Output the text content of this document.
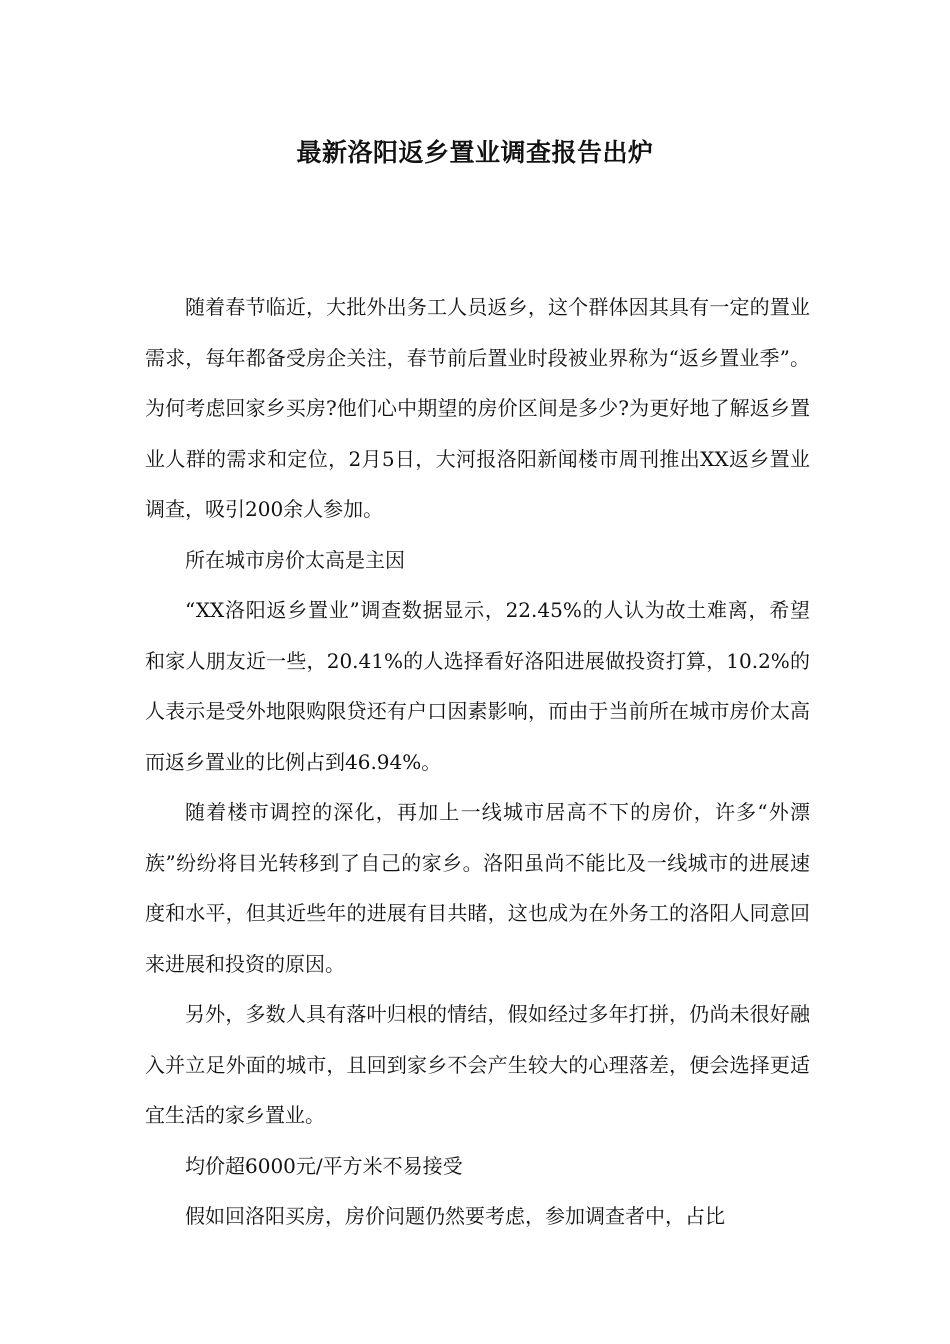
最新洛阳返乡置业调查报告出炉

随着春节临近，大批外出务工人员返乡，这个群体因其具有一定的置业需求，每年都备受房企关注，春节前后置业时段被业界称为“返乡置业季”。为何考虑回家乡买房?他们心中期望的房价区间是多少?为更好地了解返乡置业人群的需求和定位，2月5日，大河报洛阳新闻楼市周刊推出XX返乡置业调查，吸引200余人参加。

所在城市房价太高是主因

“XX洛阳返乡置业”调查数据显示，22.45%的人认为故土难离，希望和家人朋友近一些，20.41%的人选择看好洛阳进展做投资打算，10.2%的人表示是受外地限购限贷还有户口因素影响，而由于当前所在城市房价太高而返乡置业的比例占到46.94%。

随着楼市调控的深化，再加上一线城市居高不下的房价，许多“外漂族”纷纷将目光转移到了自己的家乡。洛阳虽尚不能比及一线城市的进展速度和水平，但其近些年的进展有目共睹，这也成为在外务工的洛阳人同意回来进展和投资的原因。

另外，多数人具有落叶归根的情结，假如经过多年打拼，仍尚未很好融入并立足外面的城市，且回到家乡不会产生较大的心理落差，便会选择更适宜生活的家乡置业。

均价超6000元/平方米不易接受

假如回洛阳买房，房价问题仍然要考虑，参加调查者中，占比
